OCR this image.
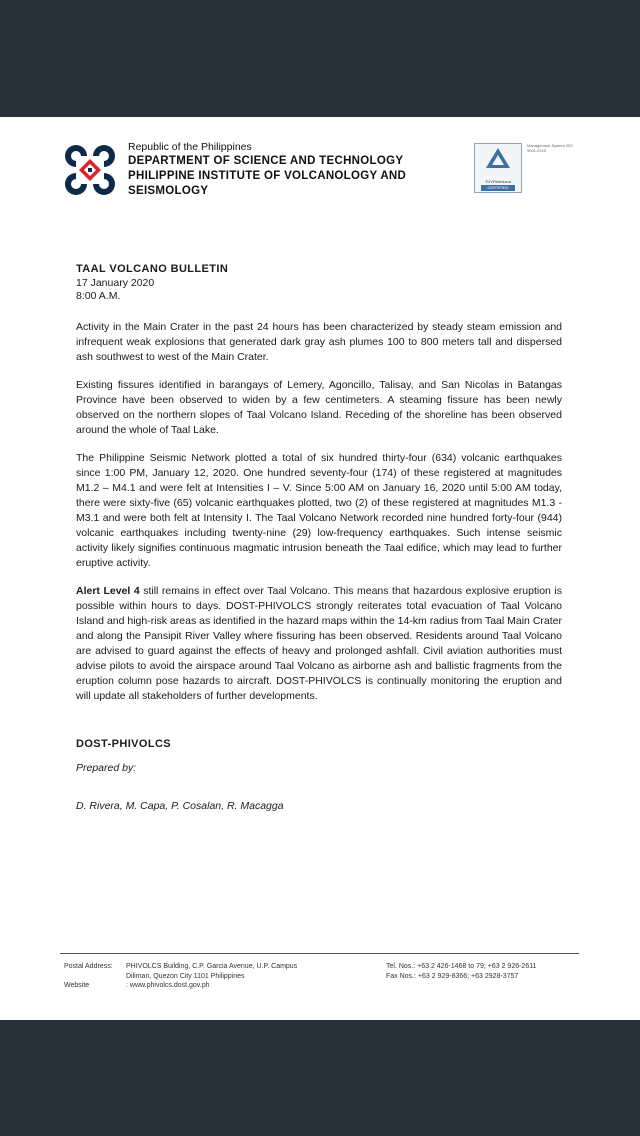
Republic of the Philippines
DEPARTMENT OF SCIENCE AND TECHNOLOGY
PHILIPPINE INSTITUTE OF VOLCANOLOGY AND
SEISMOLOGY
TÜVRheinland
CERTIFIED
Management System ISO 9001:2015
TAAL VOLCANO BULLETIN
17 January 2020
8:00 A.M.
Activity in the Main Crater in the past 24 hours has been characterized by steady steam emission and infrequent weak explosions that generated dark gray ash plumes 100 to 800 meters tall and dispersed ash southwest to west of the Main Crater.
Existing fissures identified in barangays of Lemery, Agoncillo, Talisay, and San Nicolas in Batangas Province have been observed to widen by a few centimeters. A steaming fissure has been newly observed on the northern slopes of Taal Volcano Island. Receding of the shoreline has been observed around the whole of Taal Lake.
The Philippine Seismic Network plotted a total of six hundred thirty-four (634) volcanic earthquakes since 1:00 PM, January 12, 2020. One hundred seventy-four (174) of these registered at magnitudes M1.2 – M4.1 and were felt at Intensities I – V. Since 5:00 AM on January 16, 2020 until 5:00 AM today, there were sixty-five (65) volcanic earthquakes plotted, two (2) of these registered at magnitudes M1.3 -M3.1 and were both felt at Intensity I. The Taal Volcano Network recorded nine hundred forty-four (944) volcanic earthquakes including twenty-nine (29) low-frequency earthquakes. Such intense seismic activity likely signifies continuous magmatic intrusion beneath the Taal edifice, which may lead to further eruptive activity.
Alert Level 4 still remains in effect over Taal Volcano. This means that hazardous explosive eruption is possible within hours to days. DOST-PHIVOLCS strongly reiterates total evacuation of Taal Volcano Island and high-risk areas as identified in the hazard maps within the 14-km radius from Taal Main Crater and along the Pansipit River Valley where fissuring has been observed. Residents around Taal Volcano are advised to guard against the effects of heavy and prolonged ashfall. Civil aviation authorities must advise pilots to avoid the airspace around Taal Volcano as airborne ash and ballistic fragments from the eruption column pose hazards to aircraft. DOST-PHIVOLCS is continually monitoring the eruption and will update all stakeholders of further developments.
DOST-PHIVOLCS
Prepared by:
D. Rivera, M. Capa, P. Cosalan, R. Macagga
Postal Address:	PHIVOLCS Building, C.P. Garcia Avenue, U.P. Campus
Diliman, Quezon City 1101 Philippines
Website	: www.phivolcs.dost.gov.ph
Tel. Nos.: +63 2 426-1468 to 79; +63 2 926-2611
Fax Nos.: +63 2 929-8366; +63 2928-3757
